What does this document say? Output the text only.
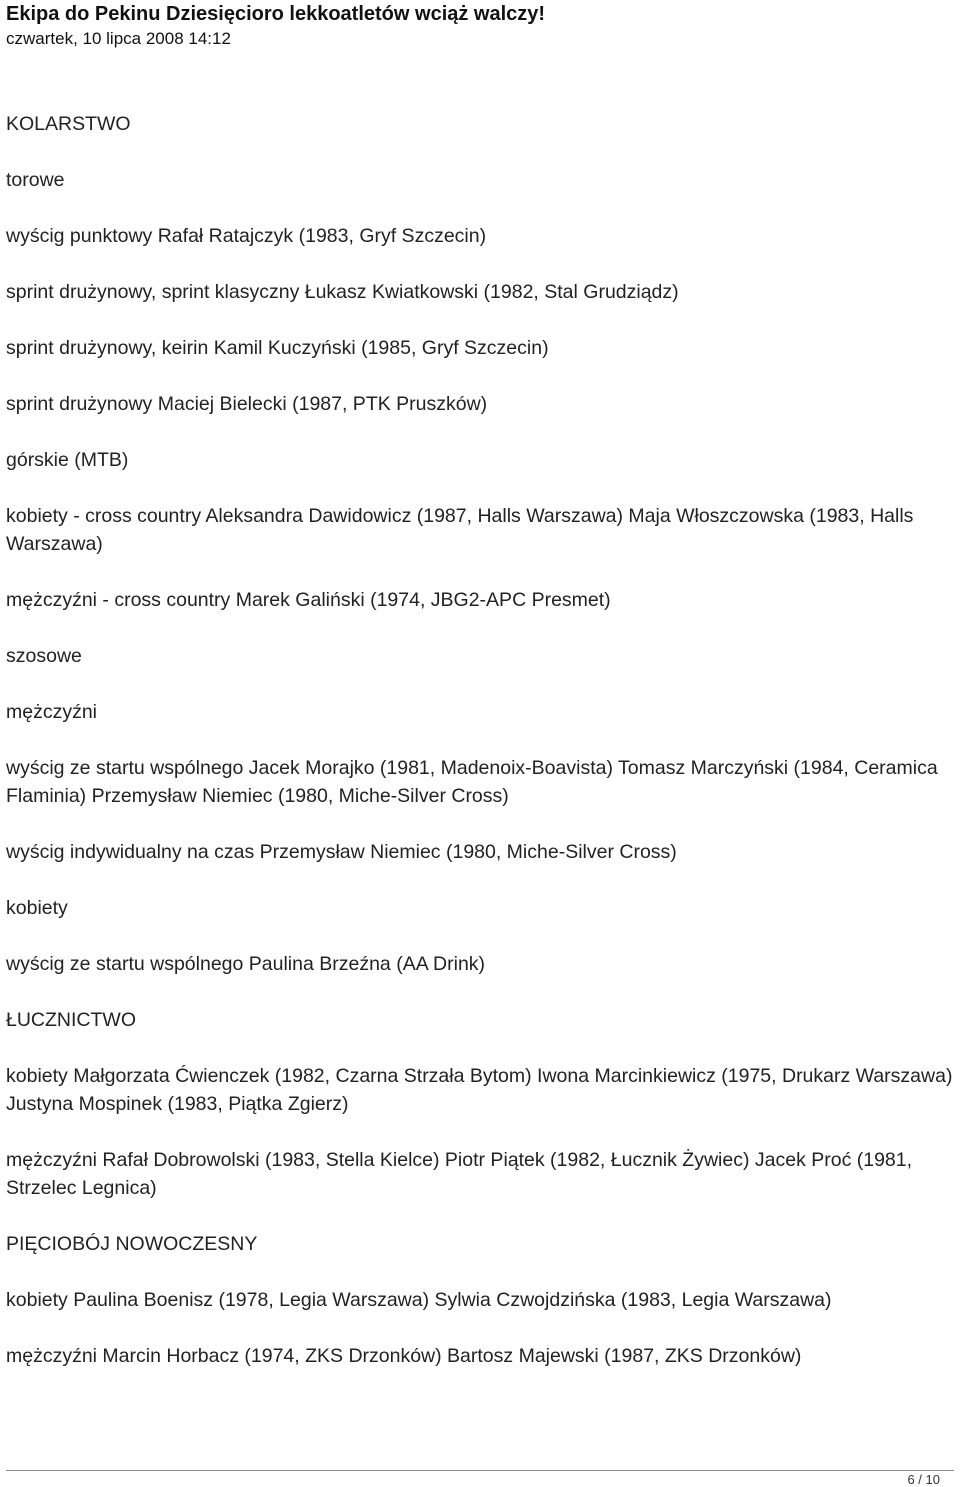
Ekipa do Pekinu Dziesięcioro lekkoatletów wciąż walczy!
czwartek, 10 lipca 2008 14:12

KOLARSTWO

torowe

wyścig punktowy Rafał Ratajczyk (1983, Gryf Szczecin)

sprint drużynowy, sprint klasyczny Łukasz Kwiatkowski (1982, Stal Grudziądz)

sprint drużynowy, keirin Kamil Kuczyński (1985, Gryf Szczecin)

sprint drużynowy Maciej Bielecki (1987, PTK Pruszków)

górskie (MTB)

kobiety - cross country Aleksandra Dawidowicz (1987, Halls Warszawa) Maja Włoszczowska (1983, Halls Warszawa)

mężczyźni - cross country Marek Galiński (1974, JBG2-APC Presmet)

szosowe

mężczyźni

wyścig ze startu wspólnego Jacek Morajko (1981, Madenoix-Boavista) Tomasz Marczyński (1984, Ceramica Flaminia) Przemysław Niemiec (1980, Miche-Silver Cross)

wyścig indywidualny na czas Przemysław Niemiec (1980, Miche-Silver Cross)

kobiety

wyścig ze startu wspólnego Paulina Brzeźna (AA Drink)

ŁUCZNICTWO

kobiety Małgorzata Ćwienczek (1982, Czarna Strzała Bytom) Iwona Marcinkiewicz (1975, Drukarz Warszawa) Justyna Mospinek (1983, Piątka Zgierz)

mężczyźni Rafał Dobrowolski (1983, Stella Kielce) Piotr Piątek (1982, Łucznik Żywiec) Jacek Proć (1981, Strzelec Legnica)

PIĘCIOBÓJ NOWOCZESNY

kobiety Paulina Boenisz (1978, Legia Warszawa) Sylwia Czwojdzińska (1983, Legia Warszawa)

mężczyźni Marcin Horbacz (1974, ZKS Drzonków) Bartosz Majewski (1987, ZKS Drzonków)

6 / 10
